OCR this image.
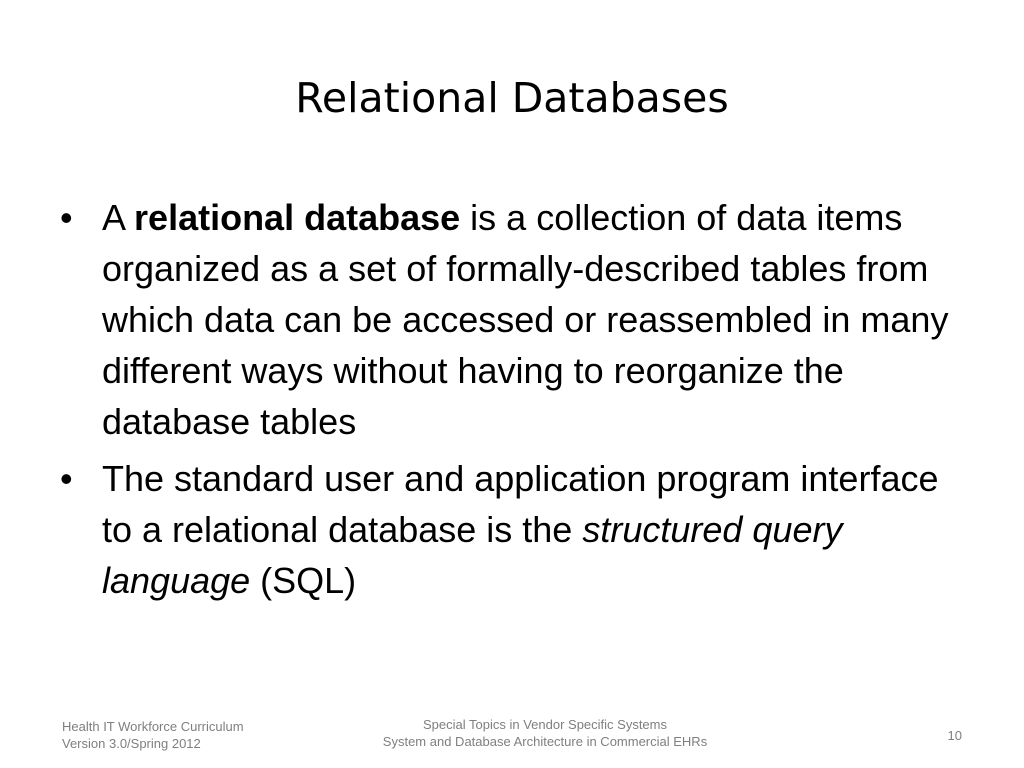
Relational Databases
• A relational database is a collection of data items organized as a set of formally-described tables from which data can be accessed or reassembled in many different ways without having to reorganize the database tables
• The standard user and application program interface to a relational database is the structured query language (SQL)
Health IT Workforce Curriculum
Version 3.0/Spring 2012
Special Topics in Vendor Specific Systems
System and Database Architecture in Commercial EHRs	10
